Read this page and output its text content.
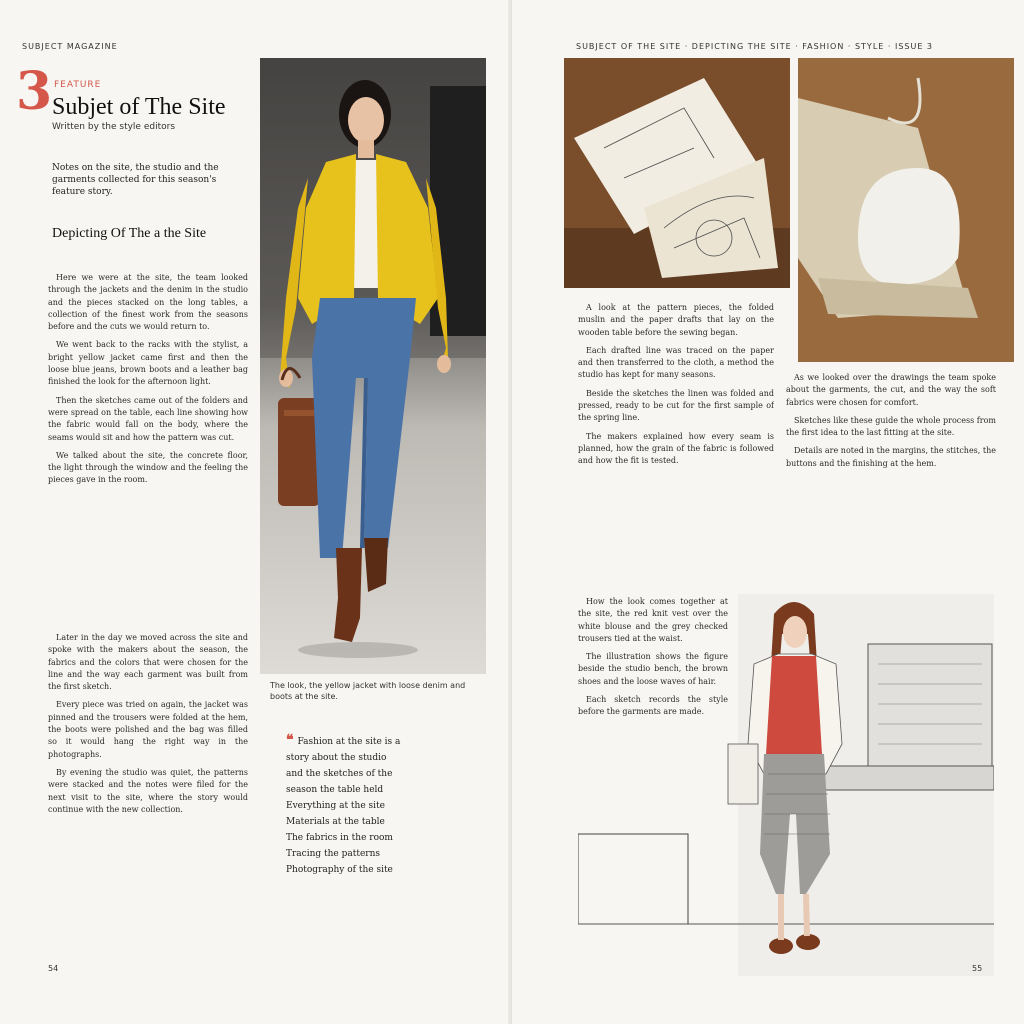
SUBJECT MAGAZINE
3 FEATURE
Subjet of The Site
Written by the style editors
Notes on the site, the studio and the garments collected for this season's feature story.
Depicting Of The a the Site

Here we were at the site, the team looked through the jackets and the denim in the studio and the pieces stacked on the long tables, a collection of the finest work from the seasons before and the cuts we would return to.

We went back to the racks with the stylist, a bright yellow jacket came first and then the loose blue jeans, brown boots and a leather bag finished the look for the afternoon light.

Then the sketches came out of the folders and were spread on the table, each line showing how the fabric would fall on the body, where the seams would sit and how the pattern was cut.

We talked about the site, the concrete floor, the light through the window and the feeling the pieces gave in the room.

Later in the day we moved across the site and spoke with the makers about the season, the fabrics and the colors that were chosen for the line and the way each garment was built from the first sketch.

Every piece was tried on again, the jacket was pinned and the trousers were folded at the hem, the boots were polished and the bag was filled so it would hang the right way in the photographs.

By evening the studio was quiet, the patterns were stacked and the notes were filed for the next visit to the site, where the story would continue with the new collection.

The look, the yellow jacket with loose denim and boots at the site.
❝ Fashion at the site is a
story about the studio
and the sketches of the
season the table held
Everything at the site
Materials at the table
The fabrics in the room
Tracing the patterns
Photography of the site
54
SUBJECT OF THE SITE · DEPICTING THE SITE · FASHION · STYLE · ISSUE 3

A look at the pattern pieces, the folded muslin and the paper drafts that lay on the wooden table before the sewing began.

Each drafted line was traced on the paper and then transferred to the cloth, a method the studio has kept for many seasons.

Beside the sketches the linen was folded and pressed, ready to be cut for the first sample of the spring line.

The makers explained how every seam is planned, how the grain of the fabric is followed and how the fit is tested.

As we looked over the drawings the team spoke about the garments, the cut, and the way the soft fabrics were chosen for comfort.

Sketches like these guide the whole process from the first idea to the last fitting at the site.

Details are noted in the margins, the stitches, the buttons and the finishing at the hem.

How the look comes together at the site, the red knit vest over the white blouse and the grey checked trousers tied at the waist.

The illustration shows the figure beside the studio bench, the brown shoes and the loose waves of hair.

Each sketch records the style before the garments are made.

55
